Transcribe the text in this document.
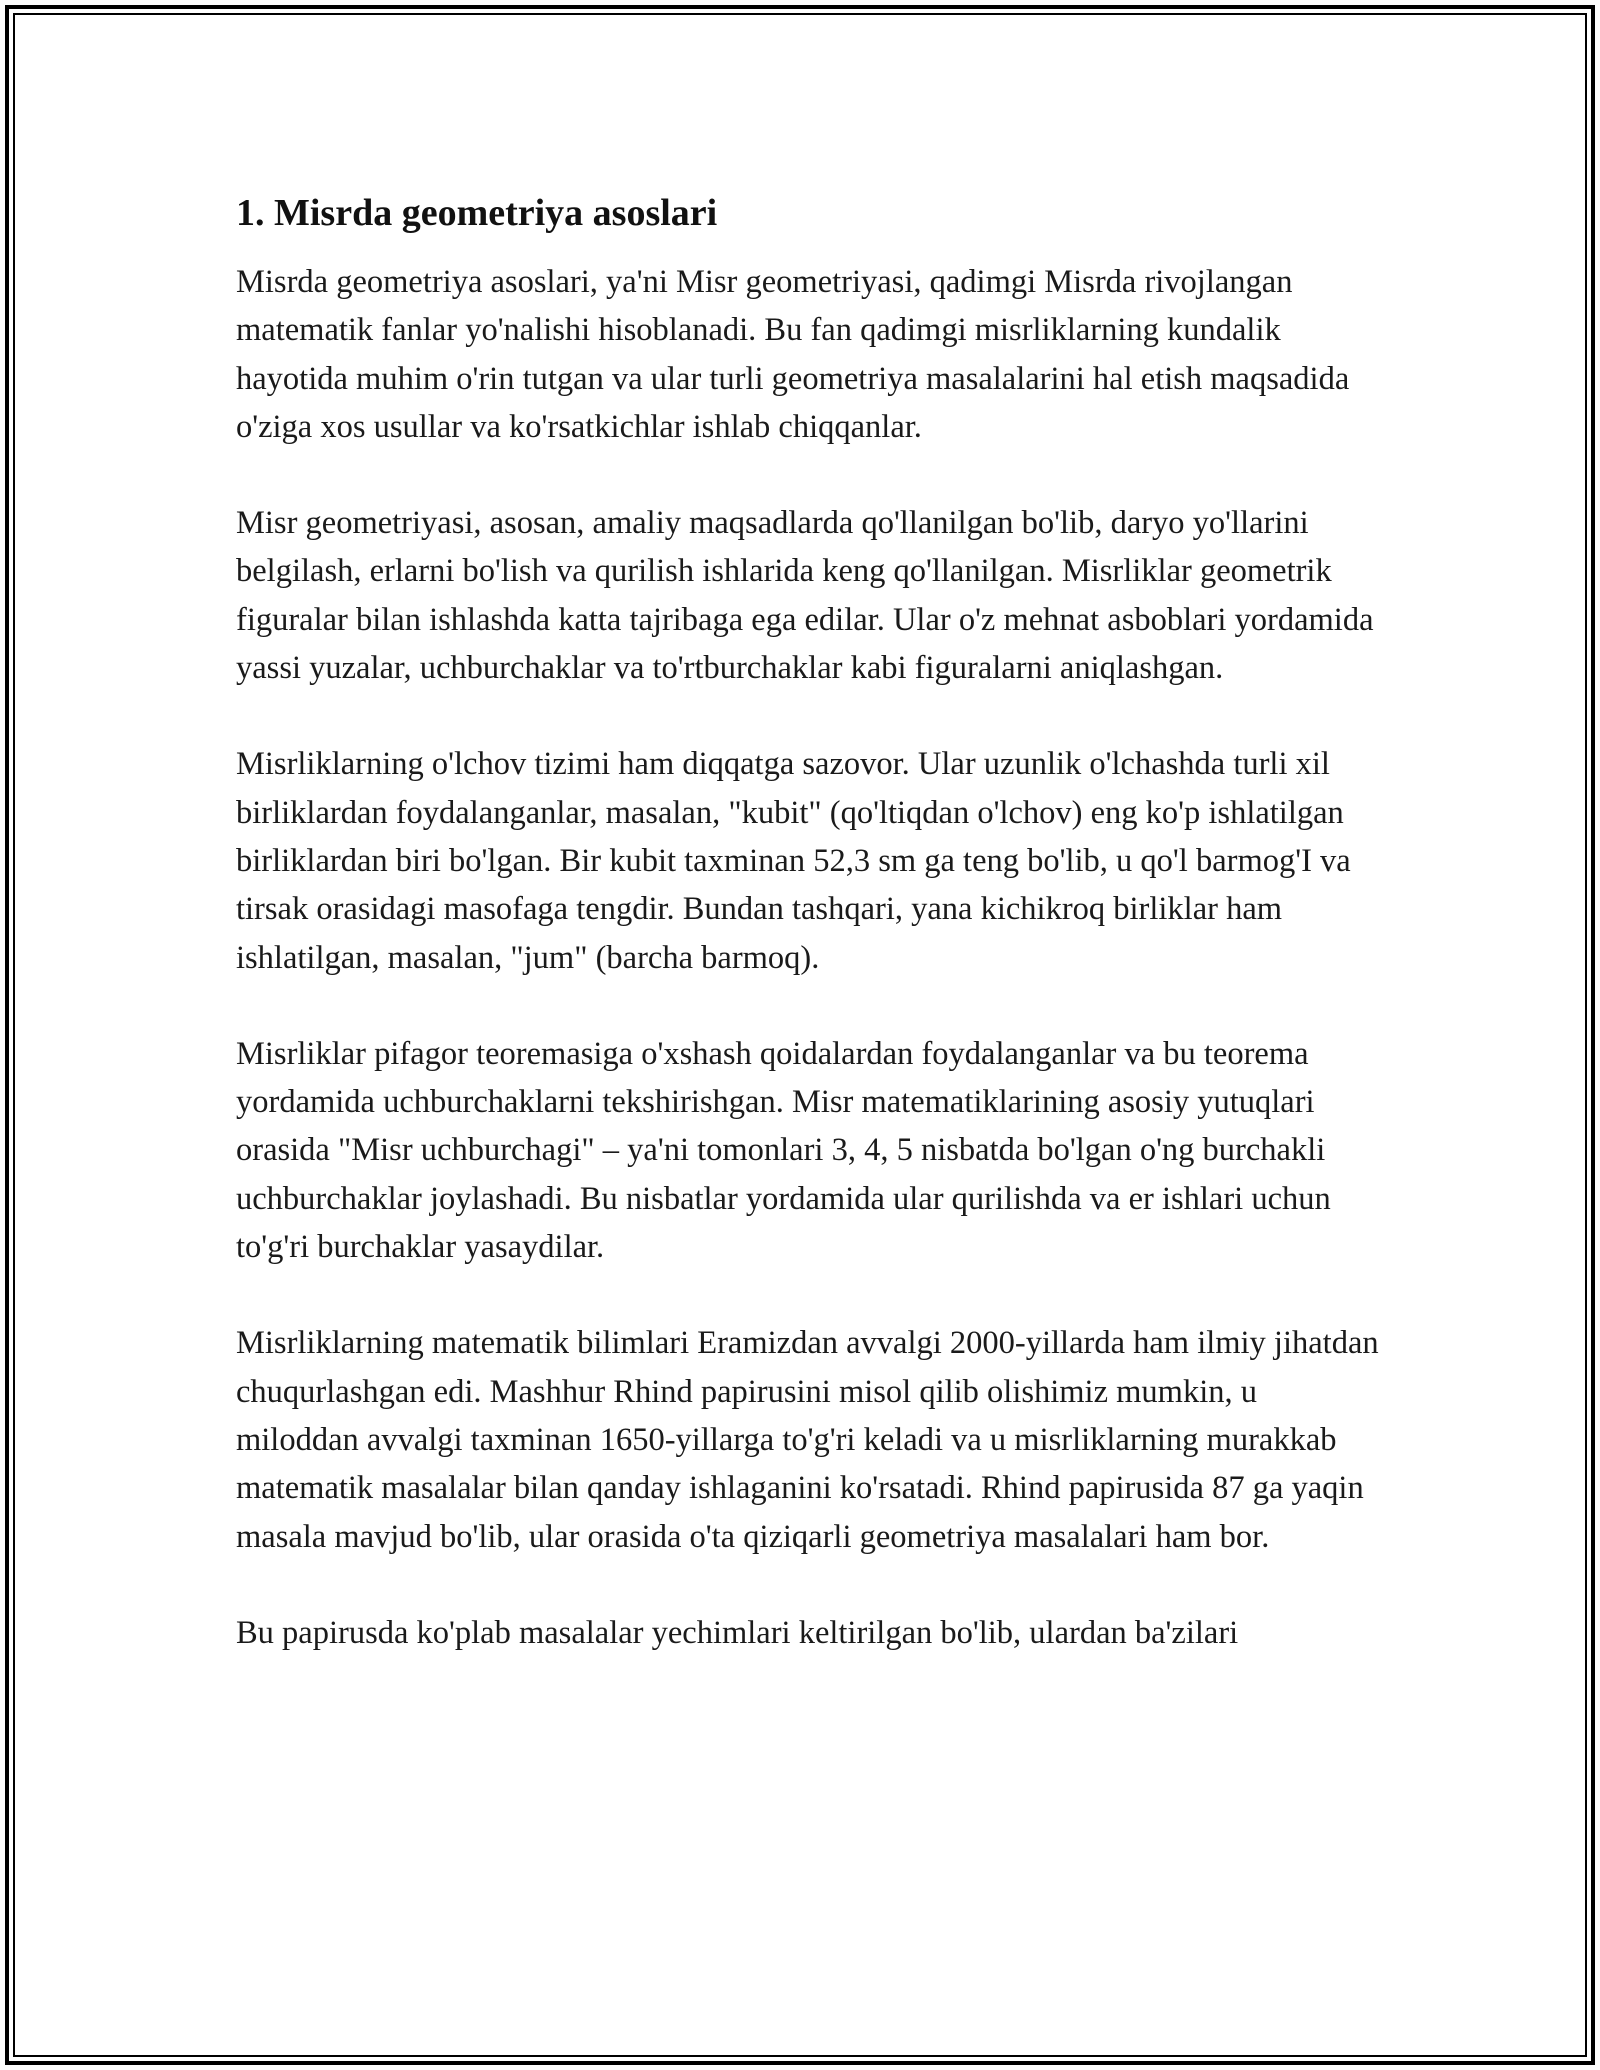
1. Misrda geometriya asoslari

Misrda geometriya asoslari, ya'ni Misr geometriyasi, qadimgi Misrda rivojlangan matematik fanlar yo'nalishi hisoblanadi. Bu fan qadimgi misrliklarning kundalik hayotida muhim o'rin tutgan va ular turli geometriya masalalarini hal etish maqsadida o'ziga xos usullar va ko'rsatkichlar ishlab chiqqanlar.

Misr geometriyasi, asosan, amaliy maqsadlarda qo'llanilgan bo'lib, daryo yo'llarini belgilash, erlarni bo'lish va qurilish ishlarida keng qo'llanilgan. Misrliklar geometrik figuralar bilan ishlashda katta tajribaga ega edilar. Ular o'z mehnat asboblari yordamida yassi yuzalar, uchburchaklar va to'rtburchaklar kabi figuralarni aniqlashgan.

Misrliklarning o'lchov tizimi ham diqqatga sazovor. Ular uzunlik o'lchashda turli xil birliklardan foydalanganlar, masalan, "kubit" (qo'ltiqdan o'lchov) eng ko'p ishlatilgan birliklardan biri bo'lgan. Bir kubit taxminan 52,3 sm ga teng bo'lib, u qo'l barmog'I va tirsak orasidagi masofaga tengdir. Bundan tashqari, yana kichikroq birliklar ham ishlatilgan, masalan, "jum" (barcha barmoq).

Misrliklar pifagor teoremasiga o'xshash qoidalardan foydalanganlar va bu teorema yordamida uchburchaklarni tekshirishgan. Misr matematiklarining asosiy yutuqlari orasida "Misr uchburchagi" – ya'ni tomonlari 3, 4, 5 nisbatda bo'lgan o'ng burchakli uchburchaklar joylashadi. Bu nisbatlar yordamida ular qurilishda va er ishlari uchun to'g'ri burchaklar yasaydilar.

Misrliklarning matematik bilimlari Eramizdan avvalgi 2000-yillarda ham ilmiy jihatdan chuqurlashgan edi. Mashhur Rhind papirusini misol qilib olishimiz mumkin, u miloddan avvalgi taxminan 1650-yillarga to'g'ri keladi va u misrliklarning murakkab matematik masalalar bilan qanday ishlaganini ko'rsatadi. Rhind papirusida 87 ga yaqin masala mavjud bo'lib, ular orasida o'ta qiziqarli geometriya masalalari ham bor.

Bu papirusda ko'plab masalalar yechimlari keltirilgan bo'lib, ulardan ba'zilari
